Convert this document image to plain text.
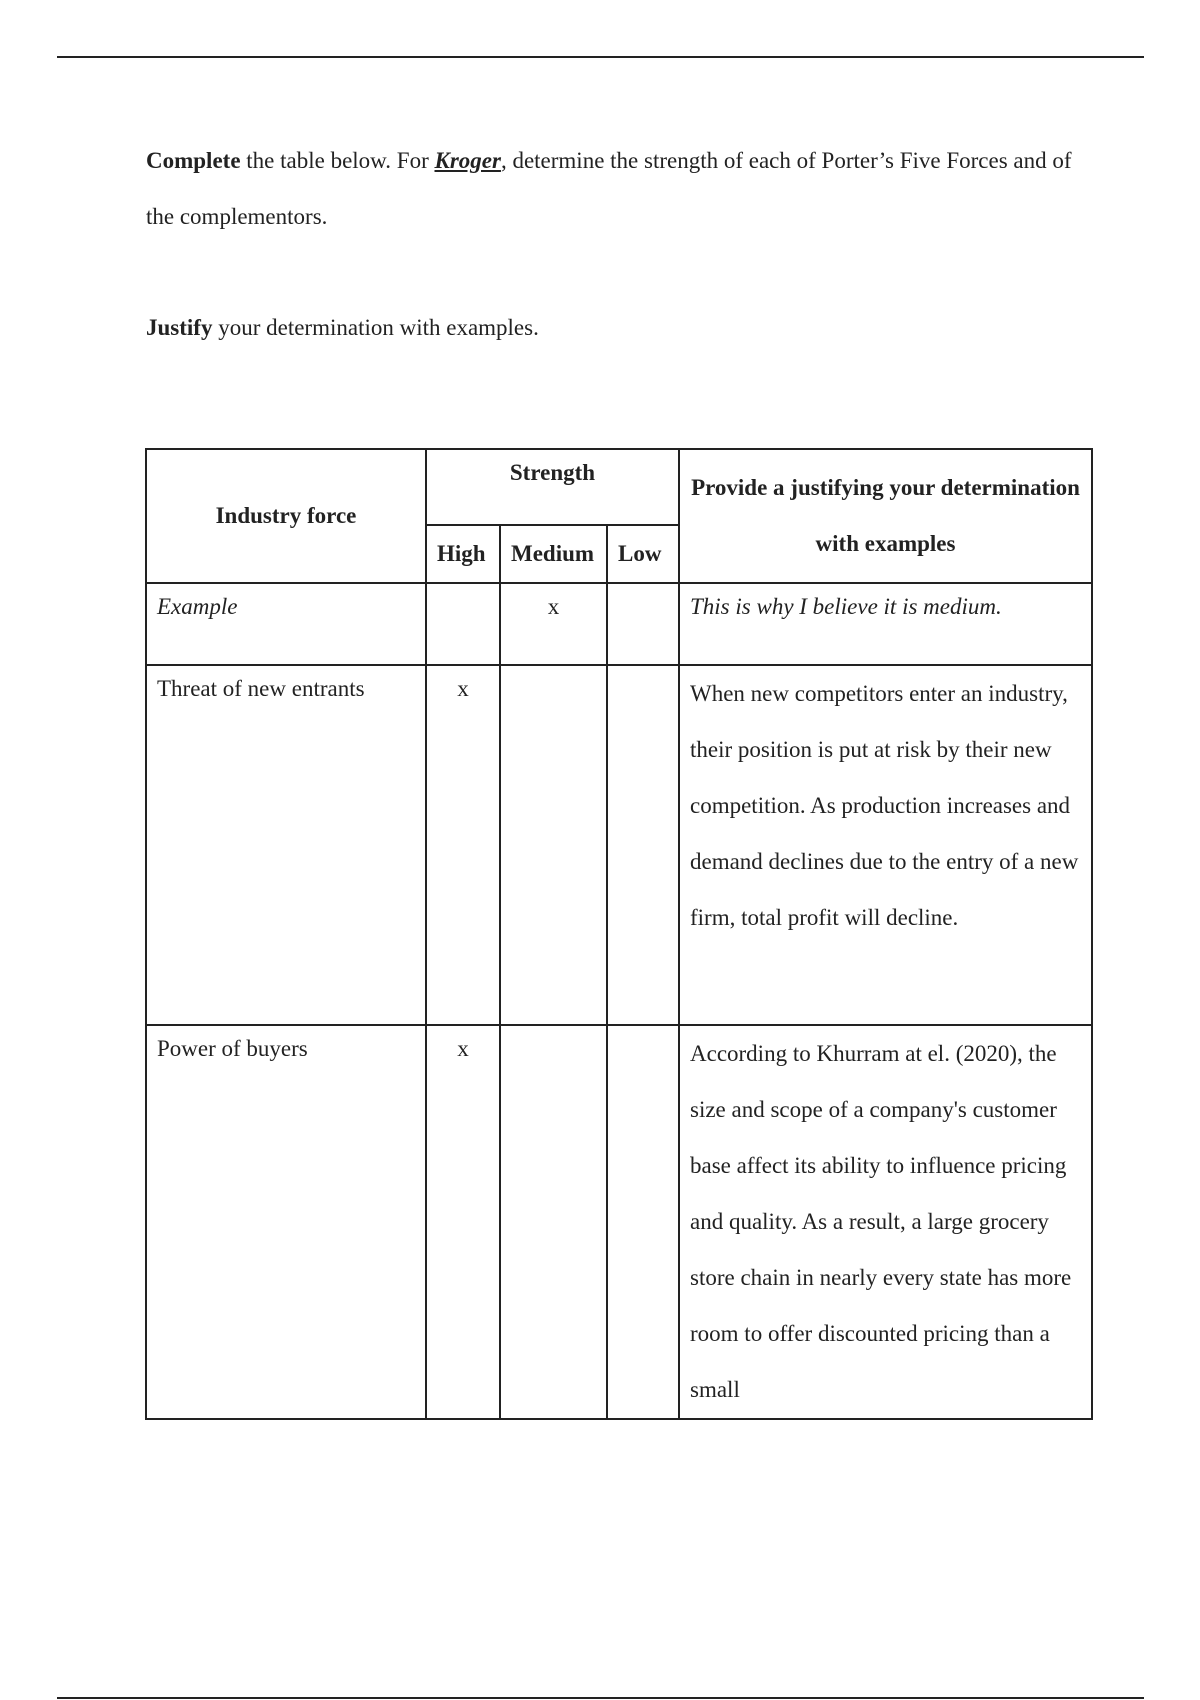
Complete the table below. For Kroger, determine the strength of each of Porter’s Five Forces and of the complementors.

Justify your determination with examples.

Industry force	Strength			Provide a justifying your determination with examples
	High	Medium	Low	
Example		x		This is why I believe it is medium.
Threat of new entrants	x			When new competitors enter an industry, their position is put at risk by their new competition. As production increases and demand declines due to the entry of a new firm, total profit will decline.
Power of buyers	x			According to Khurram at el. (2020), the size and scope of a company's customer base affect its ability to influence pricing and quality. As a result, a large grocery store chain in nearly every state has more room to offer discounted pricing than a small
